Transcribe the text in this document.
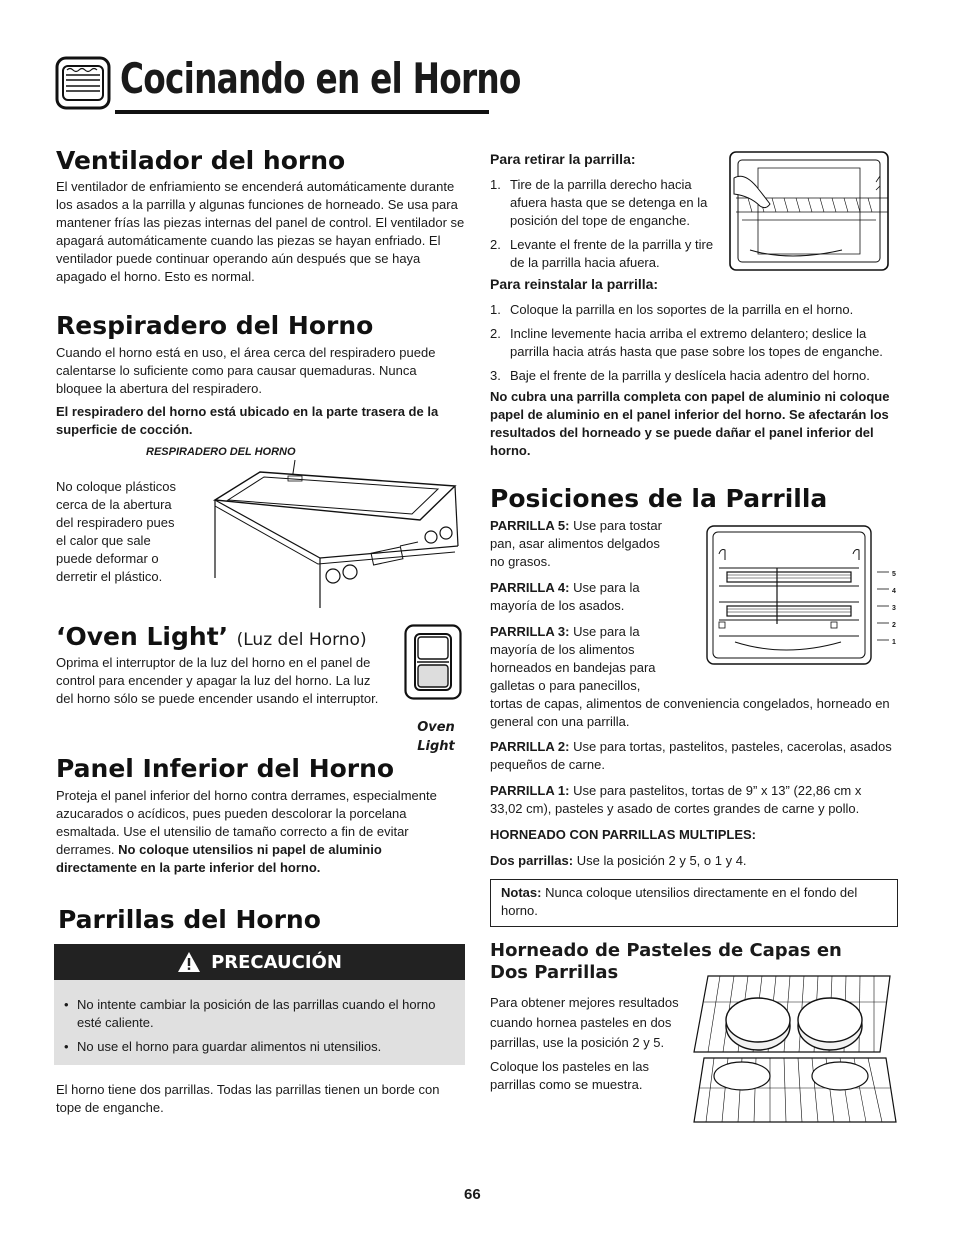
Cocinando en el Horno
Ventilador del horno

El ventilador de enfriamiento se encenderá automáticamente durante los asados a la parrilla y algunas funciones de horneado. Se usa para mantener frías las piezas internas del panel de control. El ventilador se apagará automáticamente cuando las piezas se hayan enfriado. El ventilador puede continuar operando aún después que se haya apagado el horno. Esto es normal.

Respiradero del Horno

Cuando el horno está en uso, el área cerca del respiradero puede calentarse lo suficiente como para causar quemaduras. Nunca bloquee la abertura del respiradero.

El respiradero del horno está ubicado en la parte trasera de la superficie de cocción.

RESPIRADERO DEL HORNO

No coloque plásticos cerca de la abertura del respiradero pues el calor que sale puede deformar o derretir el plástico.

‘Oven Light’ (Luz del Horno)

Oprima el interruptor de la luz del horno en el panel de control para encender y apagar la luz del horno. La luz del horno sólo se puede encender usando el interruptor.

Oven
Light
Panel Inferior del Horno

Proteja el panel inferior del horno contra derrames, especialmente azucarados o acídicos, pues pueden descolorar la porcelana esmaltada. Use el utensilio de tamaño correcto a fin de evitar derrames. No coloque utensilios ni papel de aluminio directamente en la parte inferior del horno.

Parrillas del Horno
PRECAUCIÓN
• No intente cambiar la posición de las parrillas cuando el horno esté caliente.
• No use el horno para guardar alimentos ni utensilios.

El horno tiene dos parrillas. Todas las parrillas tienen un borde con tope de enganche.

Para retirar la parrilla:
1. Tire de la parrilla derecho hacia afuera hasta que se detenga en la posición del tope de enganche.
2. Levante el frente de la parrilla y tire de la parrilla hacia afuera.
Para reinstalar la parrilla:
1. Coloque la parrilla en los soportes de la parrilla en el horno.
2. Incline levemente hacia arriba el extremo delantero; deslice la parrilla hacia atrás hasta que pase sobre los topes de enganche.
3. Baje el frente de la parrilla y deslícela hacia adentro del horno.

No cubra una parrilla completa con papel de aluminio ni coloque papel de aluminio en el panel inferior del horno. Se afectarán los resultados del horneado y se puede dañar el panel inferior del horno.

Posiciones de la Parrilla

PARRILLA 5: Use para tostar pan, asar alimentos delgados no grasos.

PARRILLA 4: Use para la mayoría de los asados.

PARRILLA 3: Use para la mayoría de los alimentos horneados en bandejas para galletas o para panecillos,

tortas de capas, alimentos de conveniencia congelados, horneado en general con una parrilla.

5
4
3
2
1

PARRILLA 2: Use para tortas, pastelitos, pasteles, cacerolas, asados pequeños de carne.

PARRILLA 1: Use para pastelitos, tortas de 9” x 13” (22,86 cm x 33,02 cm), pasteles y asado de cortes grandes de carne y pollo.

HORNEADO CON PARRILLAS MULTIPLES:

Dos parrillas: Use la posición 2 y 5, o 1 y 4.

Notas: Nunca coloque utensilios directamente en el fondo del horno.

Horneado de Pasteles de Capas en Dos Parrillas

Para obtener mejores resultados cuando hornea pasteles en dos parrillas, use la posición 2 y 5.

Coloque los pasteles en las parrillas como se muestra.

66
